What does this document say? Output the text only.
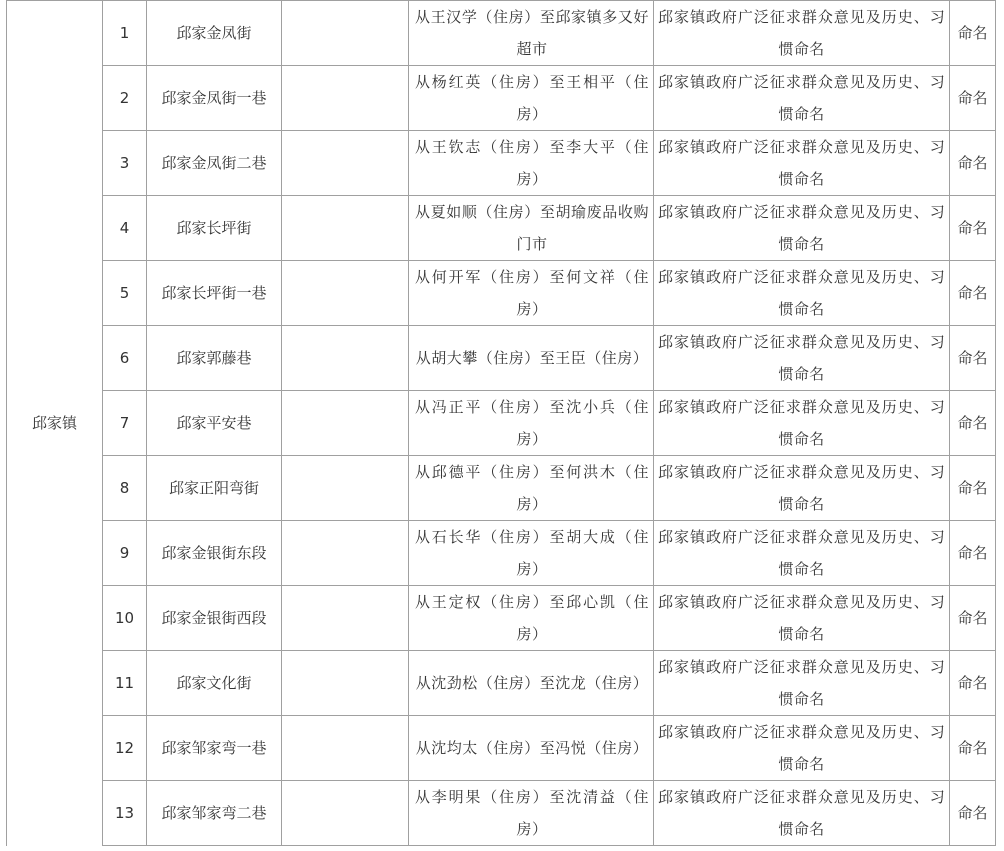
邱家镇	1	邱家金凤街		从王汉学（住房）至邱家镇多又好超市	邱家镇政府广泛征求群众意见及历史、习惯命名	命名
	2	邱家金凤街一巷		从杨红英（住房）至王相平（住房）	邱家镇政府广泛征求群众意见及历史、习惯命名	命名
	3	邱家金凤街二巷		从王钦志（住房）至李大平（住房）	邱家镇政府广泛征求群众意见及历史、习惯命名	命名
	4	邱家长坪街		从夏如顺（住房）至胡瑜废品收购门市	邱家镇政府广泛征求群众意见及历史、习惯命名	命名
	5	邱家长坪街一巷		从何开军（住房）至何文祥（住房）	邱家镇政府广泛征求群众意见及历史、习惯命名	命名
	6	邱家郭藤巷		从胡大攀（住房）至王臣（住房）	邱家镇政府广泛征求群众意见及历史、习惯命名	命名
	7	邱家平安巷		从冯正平（住房）至沈小兵（住房）	邱家镇政府广泛征求群众意见及历史、习惯命名	命名
	8	邱家正阳弯街		从邱德平（住房）至何洪木（住房）	邱家镇政府广泛征求群众意见及历史、习惯命名	命名
	9	邱家金银街东段		从石长华（住房）至胡大成（住房）	邱家镇政府广泛征求群众意见及历史、习惯命名	命名
	10	邱家金银街西段		从王定权（住房）至邱心凯（住房）	邱家镇政府广泛征求群众意见及历史、习惯命名	命名
	11	邱家文化街		从沈劲松（住房）至沈龙（住房）	邱家镇政府广泛征求群众意见及历史、习惯命名	命名
	12	邱家邹家弯一巷		从沈均太（住房）至冯悦（住房）	邱家镇政府广泛征求群众意见及历史、习惯命名	命名
	13	邱家邹家弯二巷		从李明果（住房）至沈清益（住房）	邱家镇政府广泛征求群众意见及历史、习惯命名	命名
